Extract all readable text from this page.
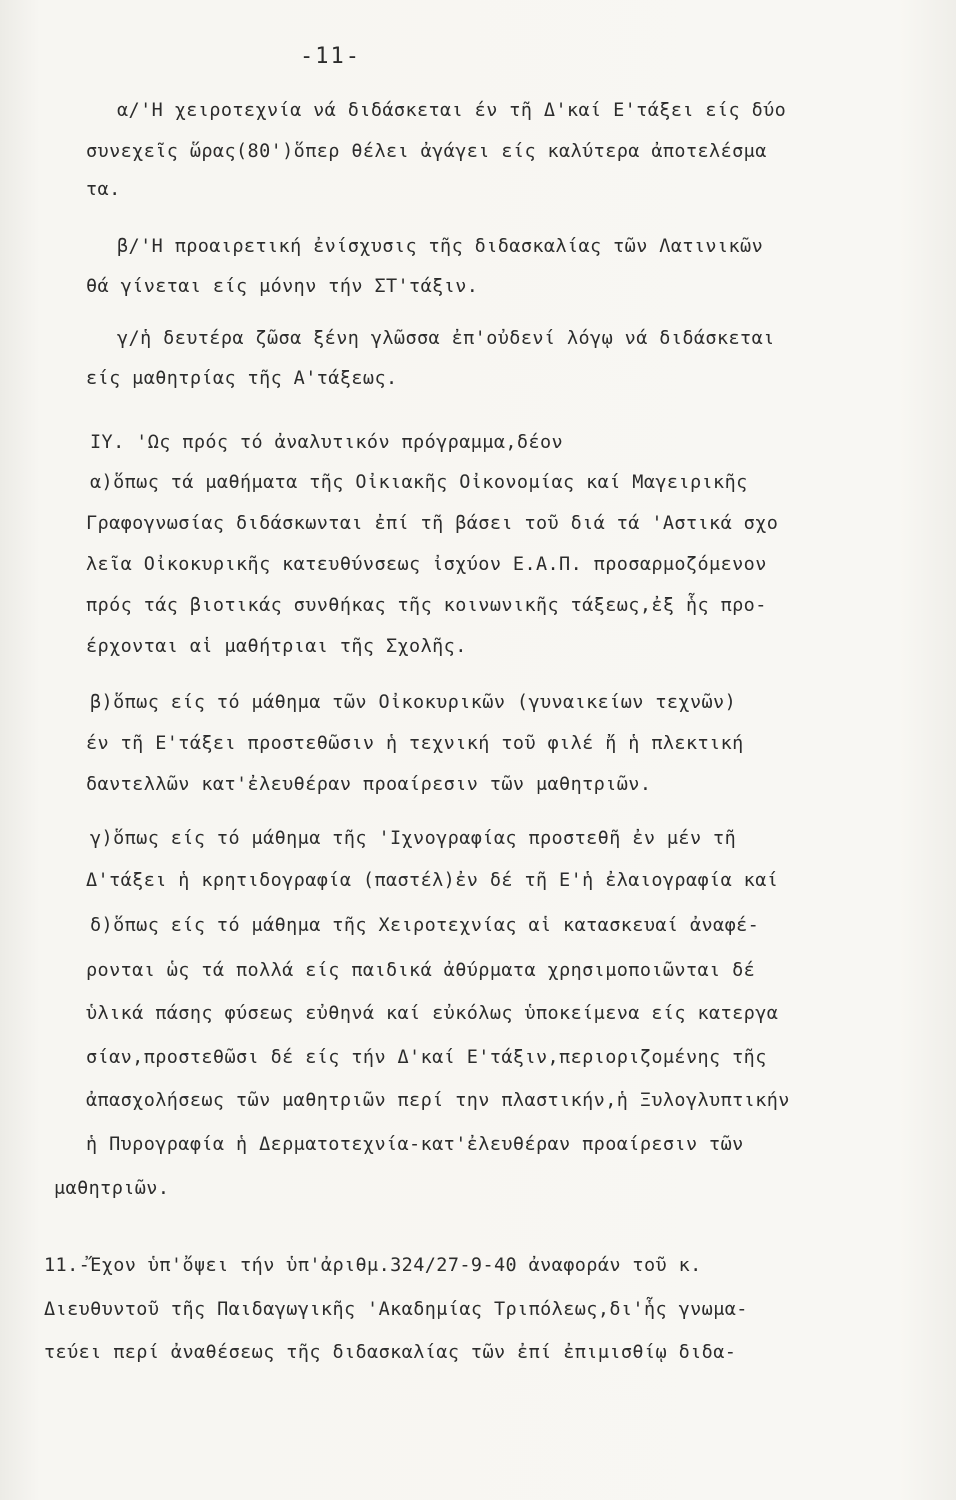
-11-
α/'Η χειροτεχνία νά διδάσκεται έν τῆ Δ'καί Ε'τάξει είς δύο
συνεχεῖς ὥρας(80')ὅπερ θέλει ἀγάγει είς καλύτερα ἀποτελέσμα
τα.
β/'Η προαιρετική ἐνίσχυσις τῆς διδασκαλίας τῶν Λατινικῶν
θά γίνεται είς μόνην τήν ΣΤ'τάξιν.
γ/ἡ δευτέρα ζῶσα ξένη γλῶσσα ἐπ'οὐδενί λόγῳ νά διδάσκεται
είς μαθητρίας τῆς Α'τάξεως.
ΙΥ. 'Ως πρός τό ἀναλυτικόν πρόγραμμα,δέον
α)ὅπως τά μαθήματα τῆς Οἰκιακῆς Οἰκονομίας καί Μαγειρικῆς
Γραφογνωσίας διδάσκωνται ἐπί τῆ βάσει τοῦ διά τά 'Αστικά σχο
λεῖα Οἰκοκυρικῆς κατευθύνσεως ἰσχύον Ε.Α.Π. προσαρμοζόμενον
πρός τάς βιοτικάς συνθήκας τῆς κοινωνικῆς τάξεως,ἐξ ἧς προ-
έρχονται αἱ μαθήτριαι τῆς Σχολῆς.
β)ὅπως είς τό μάθημα τῶν Οἰκοκυρικῶν (γυναικείων τεχνῶν)
έν τῆ Ε'τάξει προστεθῶσιν ἡ τεχνική τοῦ φιλέ ἤ ἡ πλεκτική
δαντελλῶν κατ'ἐλευθέραν προαίρεσιν τῶν μαθητριῶν.
γ)ὅπως είς τό μάθημα τῆς 'Ιχνογραφίας προστεθῆ ἐν μέν τῆ
Δ'τάξει ἡ κρητιδογραφία (παστέλ)ἐν δέ τῆ Ε'ἡ ἐλαιογραφία καί
δ)ὅπως είς τό μάθημα τῆς Χειροτεχνίας αἱ κατασκευαί ἀναφέ-
ρονται ὡς τά πολλά είς παιδικά ἀθύρματα χρησιμοποιῶνται δέ
ὑλικά πάσης φύσεως εὐθηνά καί εὐκόλως ὑποκείμενα είς κατεργα
σίαν,προστεθῶσι δέ είς τήν Δ'καί Ε'τάξιν,περιοριζομένης τῆς
ἀπασχολήσεως τῶν μαθητριῶν περί την πλαστικήν,ἡ Ξυλογλυπτικήν
ἡ Πυρογραφία ἡ Δερματοτεχνία-κατ'ἐλευθέραν προαίρεσιν τῶν
μαθητριῶν.
11.-Ἔχον ὑπ'ὄψει τήν ὑπ'ἀριθμ.324/27-9-40 ἀναφοράν τοῦ κ.
Διευθυντοῦ τῆς Παιδαγωγικῆς 'Ακαδημίας Τριπόλεως,δι'ἧς γνωμα-
τεύει περί ἀναθέσεως τῆς διδασκαλίας τῶν ἐπί ἐπιμισθίῳ διδα-
